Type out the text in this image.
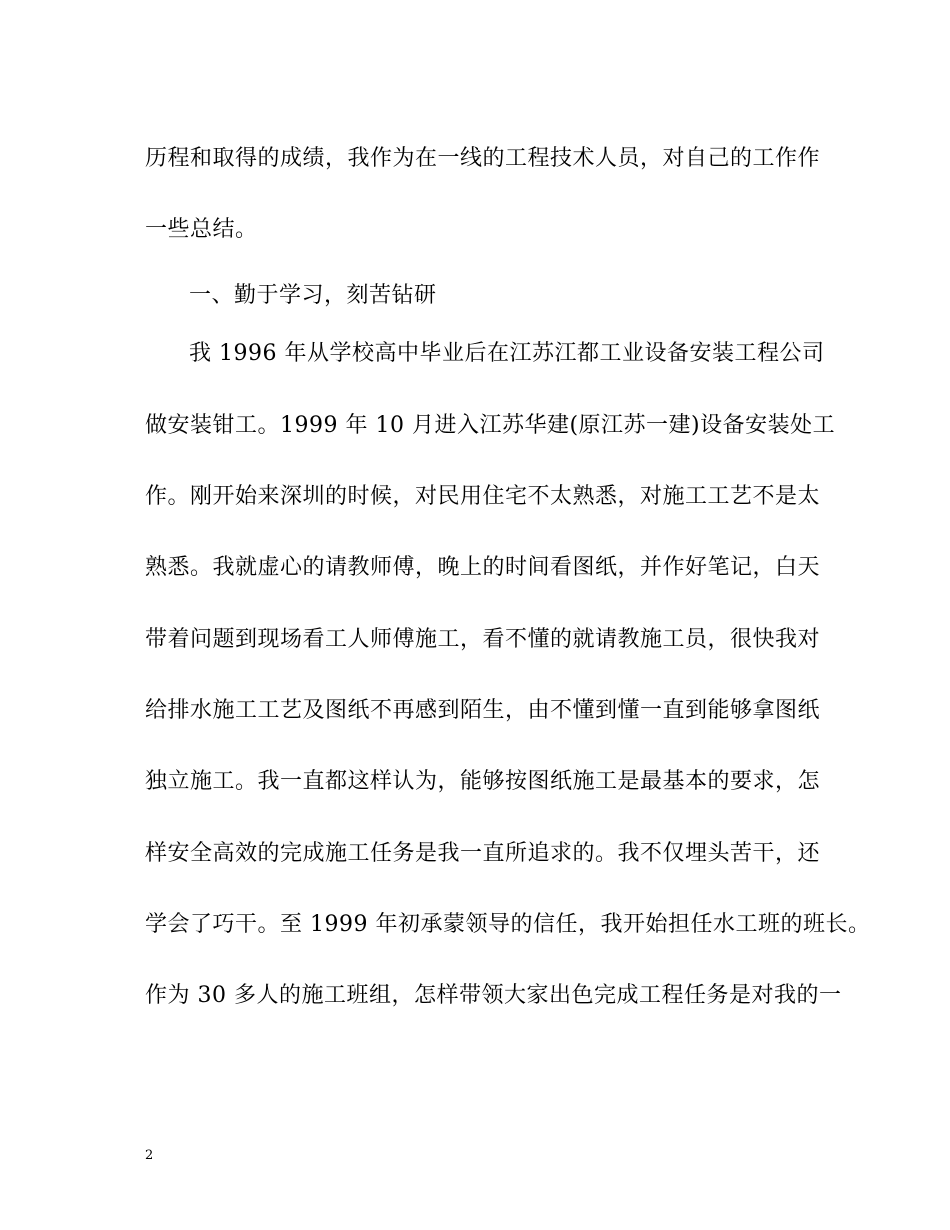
历程和取得的成绩，我作为在一线的工程技术人员，对自己的工作作
一些总结。
一、勤于学习，刻苦钻研
我 1996 年从学校高中毕业后在江苏江都工业设备安装工程公司
做安装钳工。1999 年 10 月进入江苏华建(原江苏一建)设备安装处工
作。刚开始来深圳的时候，对民用住宅不太熟悉，对施工工艺不是太
熟悉。我就虚心的请教师傅，晚上的时间看图纸，并作好笔记，白天
带着问题到现场看工人师傅施工，看不懂的就请教施工员，很快我对
给排水施工工艺及图纸不再感到陌生，由不懂到懂一直到能够拿图纸
独立施工。我一直都这样认为，能够按图纸施工是最基本的要求，怎
样安全高效的完成施工任务是我一直所追求的。我不仅埋头苦干，还
学会了巧干。至 1999 年初承蒙领导的信任，我开始担任水工班的班长。
作为 30 多人的施工班组，怎样带领大家出色完成工程任务是对我的一
2
